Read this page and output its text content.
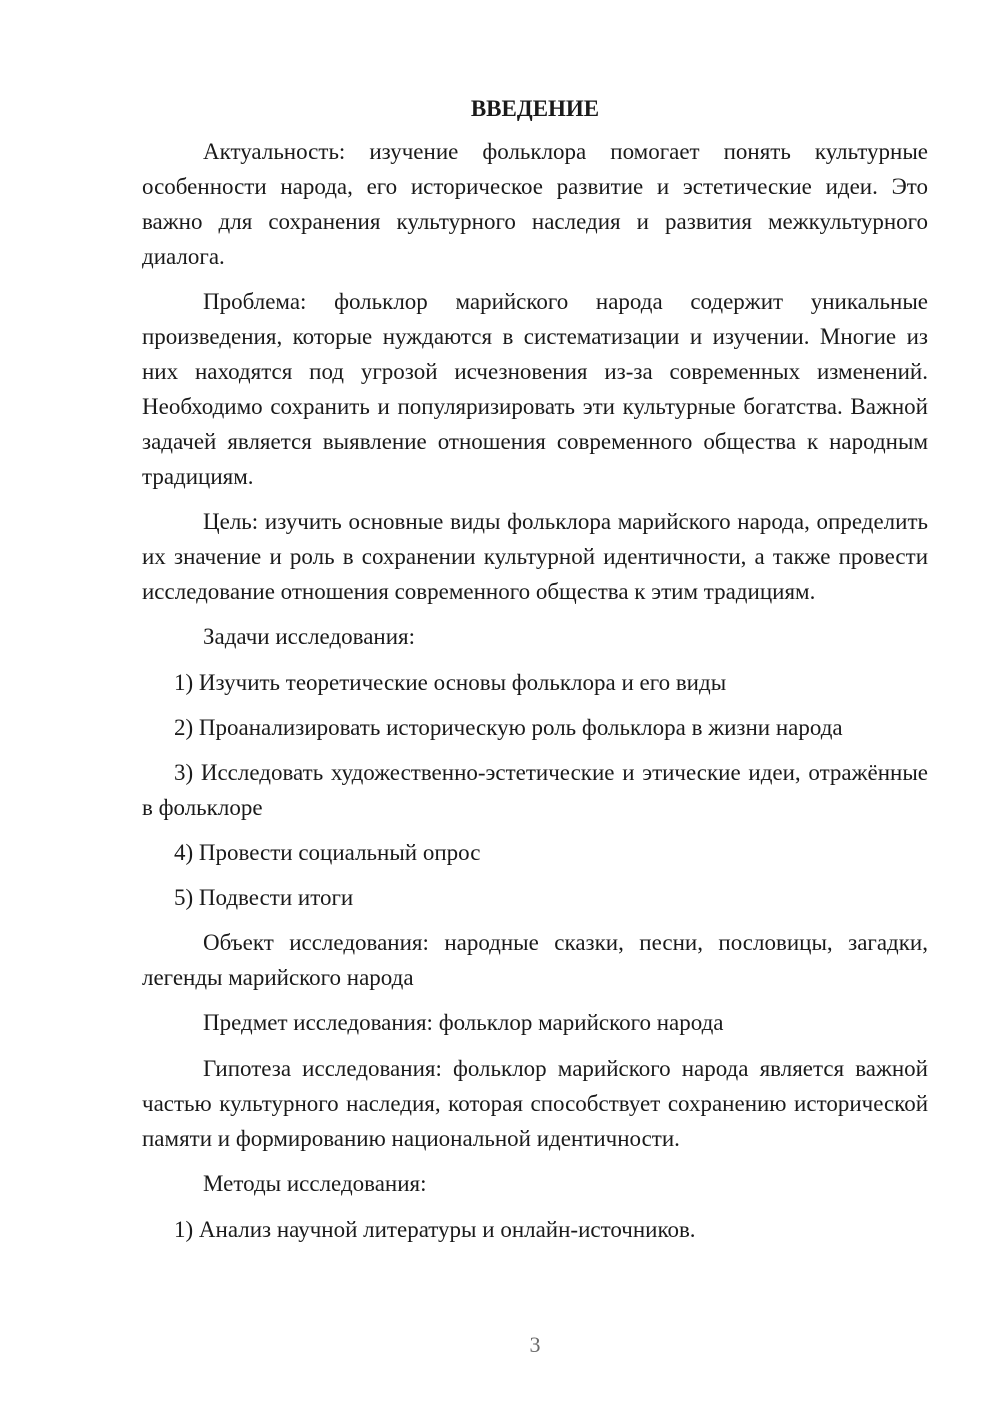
ВВЕДЕНИЕ

Актуальность: изучение фольклора помогает понять культурные особенности народа, его историческое развитие и эстетические идеи. Это важно для сохранения культурного наследия и развития межкультурного диалога.

Проблема: фольклор марийского народа содержит уникальные произведения, которые нуждаются в систематизации и изучении. Многие из них находятся под угрозой исчезновения из-за современных изменений. Необходимо сохранить и популяризировать эти культурные богатства. Важной задачей является выявление отношения современного общества к народным традициям.

Цель: изучить основные виды фольклора марийского народа, определить их значение и роль в сохранении культурной идентичности, а также провести исследование отношения современного общества к этим традициям.

Задачи исследования:

1) Изучить теоретические основы фольклора и его виды

2) Проанализировать историческую роль фольклора в жизни народа

3) Исследовать художественно-эстетические и этические идеи, отражённые в фольклоре

4) Провести социальный опрос

5) Подвести итоги

Объект исследования: народные сказки, песни, пословицы, загадки, легенды марийского народа

Предмет исследования: фольклор марийского народа

Гипотеза исследования: фольклор марийского народа является важной частью культурного наследия, которая способствует сохранению исторической памяти и формированию национальной идентичности.

Методы исследования:

1) Анализ научной литературы и онлайн-источников.

3
